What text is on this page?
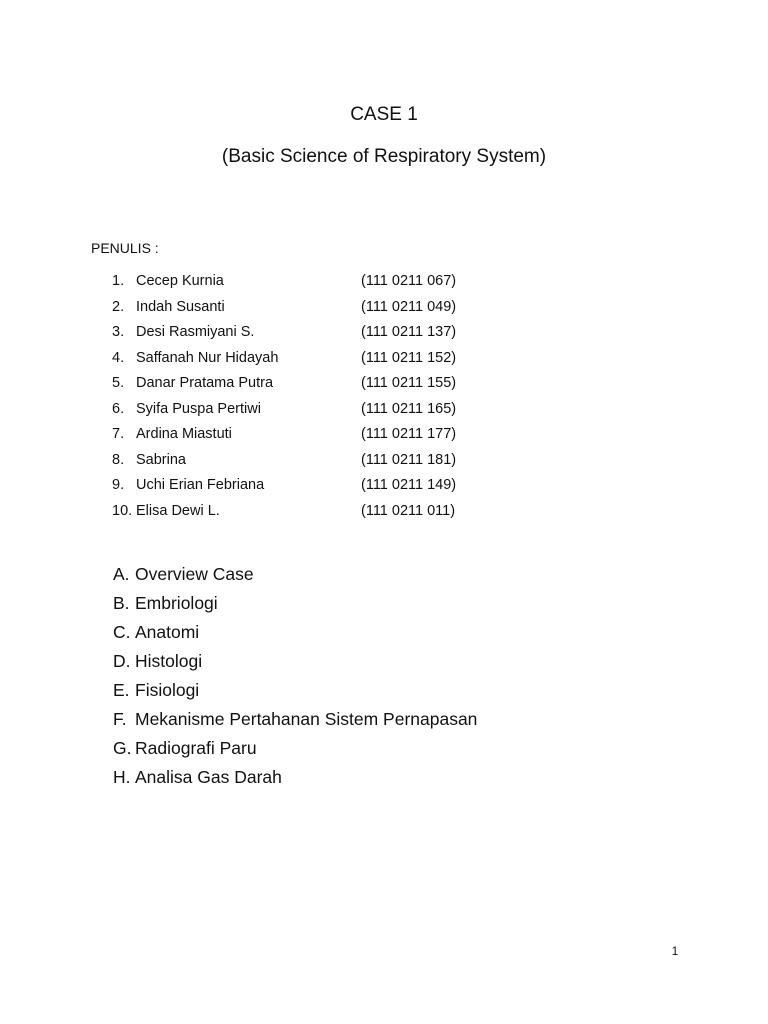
CASE 1
(Basic Science of Respiratory System)
PENULIS :
1. Cecep Kurnia	(111 0211 067)
2. Indah Susanti	(111 0211 049)
3. Desi Rasmiyani S.	(111 0211 137)
4. Saffanah Nur Hidayah	(111 0211 152)
5. Danar Pratama Putra	(111 0211 155)
6. Syifa Puspa Pertiwi	(111 0211 165)
7. Ardina Miastuti	(111 0211 177)
8. Sabrina	(111 0211 181)
9. Uchi Erian Febriana	(111 0211 149)
10. Elisa Dewi L.	(111 0211 011)
A. Overview Case
B. Embriologi
C. Anatomi
D. Histologi
E. Fisiologi
F. Mekanisme Pertahanan Sistem Pernapasan
G. Radiografi Paru
H. Analisa Gas Darah
1
